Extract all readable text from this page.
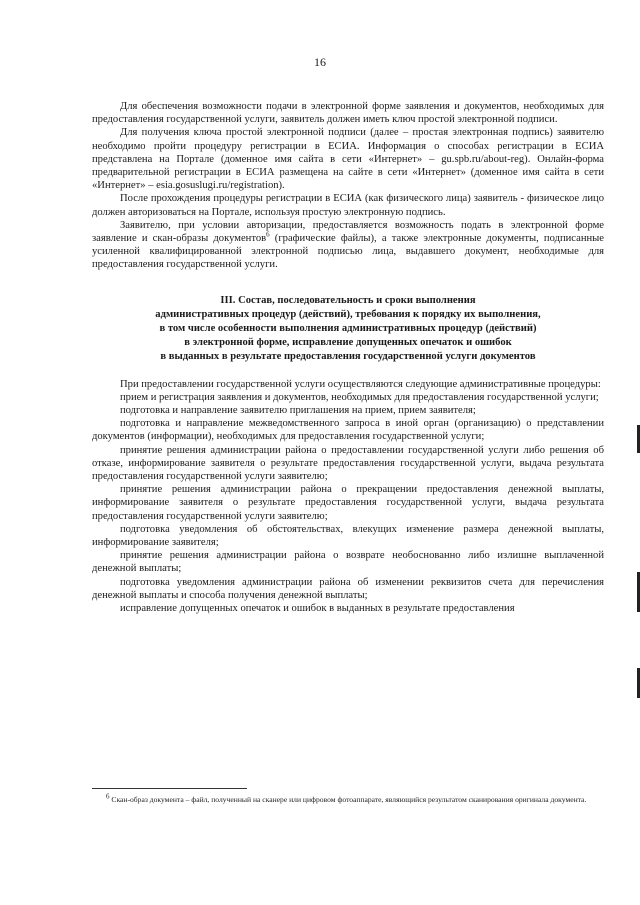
16

Для обеспечения возможности подачи в электронной форме заявления и документов, необходимых для предоставления государственной услуги, заявитель должен иметь ключ простой электронной подписи.

Для получения ключа простой электронной подписи (далее – простая электронная подпись) заявителю необходимо пройти процедуру регистрации в ЕСИА. Информация о способах регистрации в ЕСИА представлена на Портале (доменное имя сайта в сети «Интернет» – gu.spb.ru/about-reg). Онлайн-форма предварительной регистрации в ЕСИА размещена на сайте в сети «Интернет» (доменное имя сайта в сети «Интернет» – esia.gosuslugi.ru/registration).

После прохождения процедуры регистрации в ЕСИА (как физического лица) заявитель - физическое лицо должен авторизоваться на Портале, используя простую электронную подпись.

Заявителю, при условии авторизации, предоставляется возможность подать в электронной форме заявление и скан-образы документов$^6$ (графические файлы), а также электронные документы, подписанные усиленной квалифицированной электронной подписью лица, выдавшего документ, необходимые для предоставления государственной услуги.

III. Состав, последовательность и сроки выполнения
административных процедур (действий), требования к порядку их выполнения,
в том числе особенности выполнения административных процедур (действий)
в электронной форме, исправление допущенных опечаток и ошибок
в выданных в результате предоставления государственной услуги документов

При предоставлении государственной услуги осуществляются следующие административные процедуры:

прием и регистрация заявления и документов, необходимых для предоставления государственной услуги;

подготовка и направление заявителю приглашения на прием, прием заявителя;

подготовка и направление межведомственного запроса в иной орган (организацию) о представлении документов (информации), необходимых для предоставления государственной услуги;

принятие решения администрации района о предоставлении государственной услуги либо решения об отказе, информирование заявителя о результате предоставления государственной услуги, выдача результата предоставления государственной услуги заявителю;

принятие решения администрации района о прекращении предоставления денежной выплаты, информирование заявителя о результате предоставления государственной услуги, выдача результата предоставления государственной услуги заявителю;

подготовка уведомления об обстоятельствах, влекущих изменение размера денежной выплаты, информирование заявителя;

принятие решения администрации района о возврате необоснованно либо излишне выплаченной денежной выплаты;

подготовка уведомления администрации района об изменении реквизитов счета для перечисления денежной выплаты и способа получения денежной выплаты;

исправление допущенных опечаток и ошибок в выданных в результате предоставления

$^6$ Скан-образ документа – файл, полученный на сканере или цифровом фотоаппарате, являющийся результатом сканирования оригинала документа.
